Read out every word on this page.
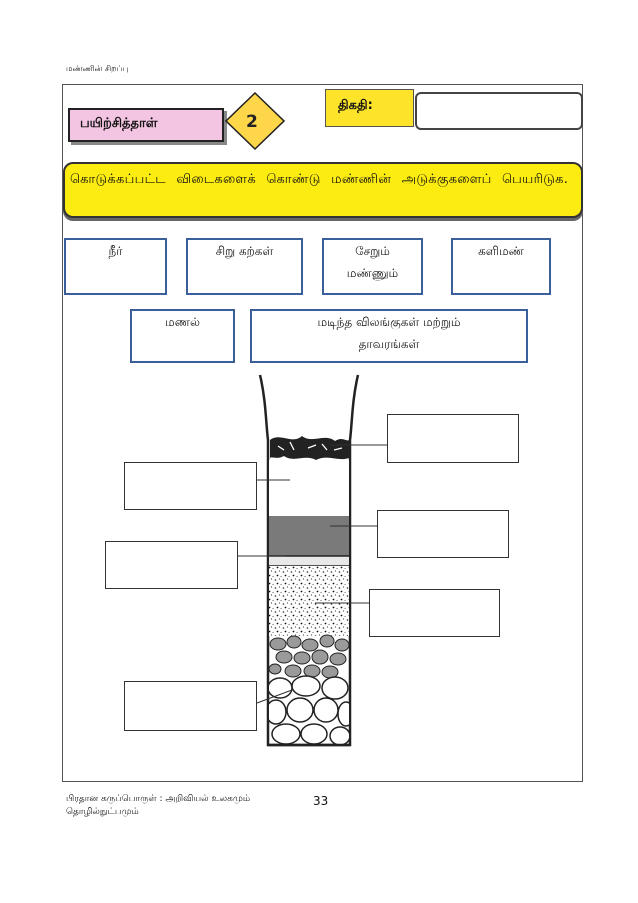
மண்ணின் சிறப்பு
பயிற்சித்தாள்	2
திகதி:
கொடுக்கப்பட்ட விடைகளைக் கொண்டு மண்ணின் அடுக்குகளைப் பெயரிடுக.
நீர்	சிறு கற்கள்	சேறும்
மண்ணும்
களிமண்
மணல்	மடிந்த விலங்குகள் மற்றும்
தாவரங்கள்
பிரதான கருப்பொருள் : அறிவியல் உலகமும்
தொழில்நுட்பமும்
33
